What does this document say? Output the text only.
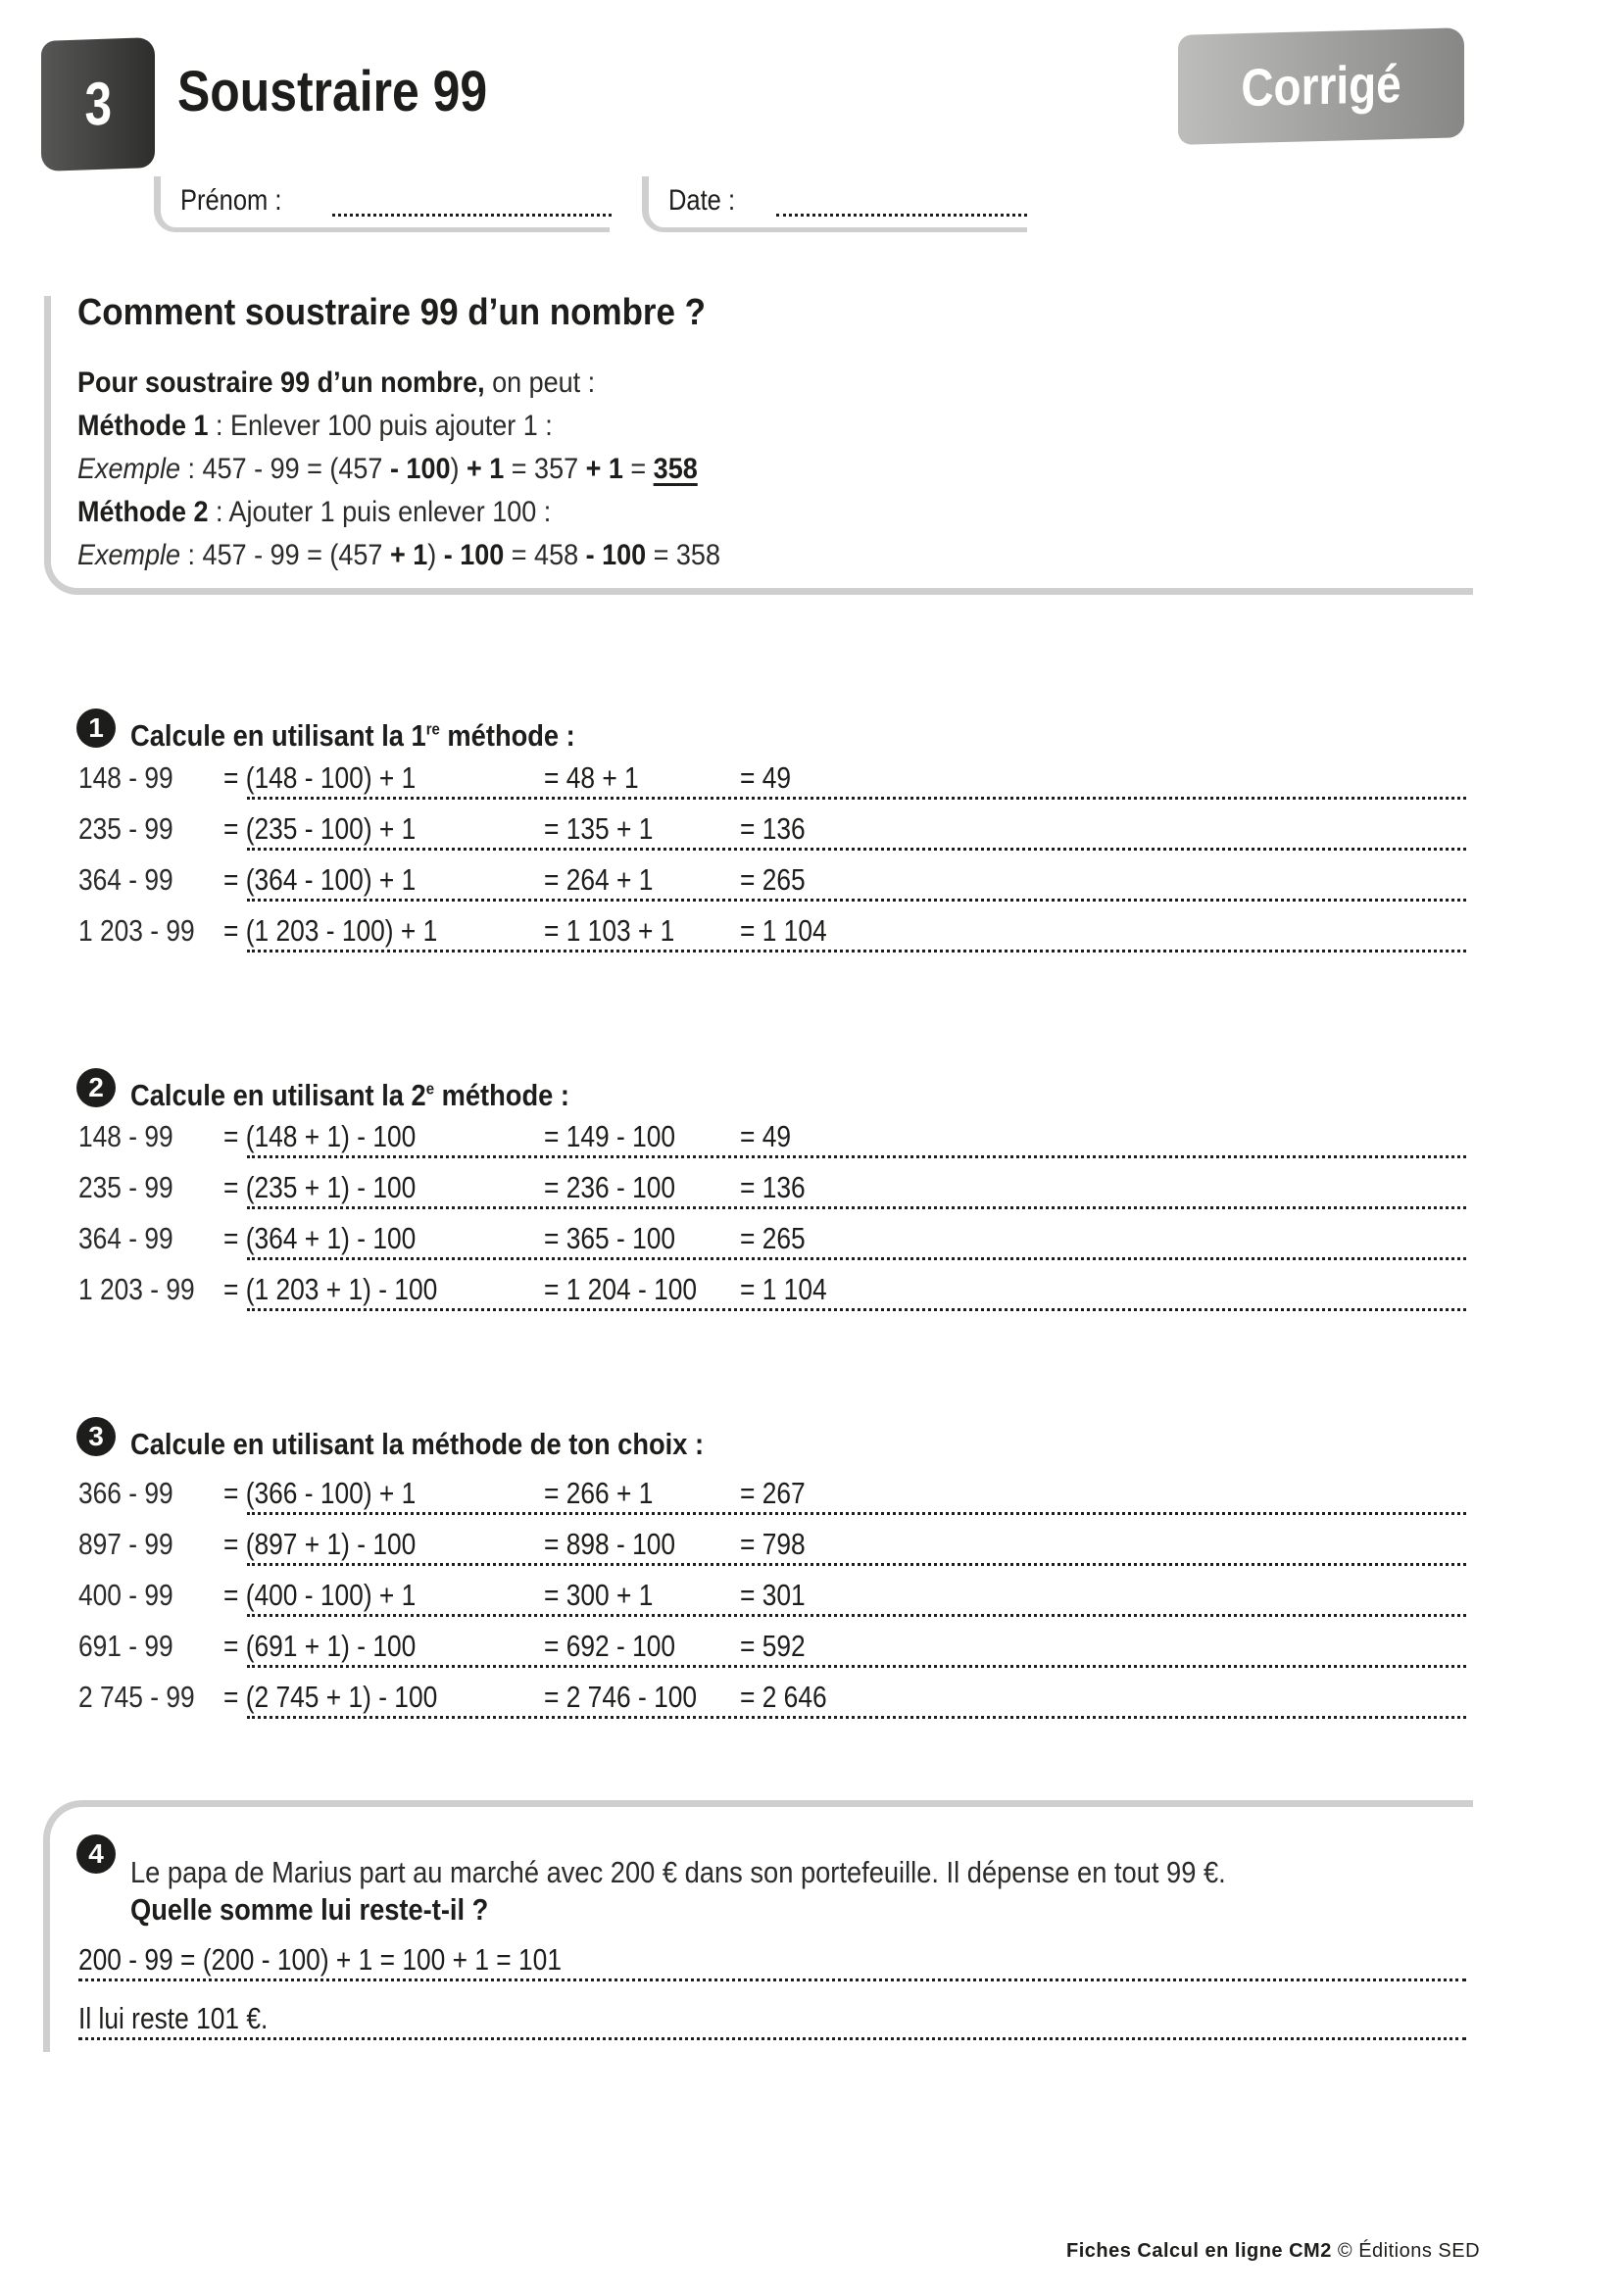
3 Soustraire 99	Corrigé
Prénom :	Date :
Comment soustraire 99 d’un nombre ?
Pour soustraire 99 d’un nombre, on peut :
Méthode 1 : Enlever 100 puis ajouter 1 :
Exemple : 457 - 99 = (457 - 100) + 1 = 357 + 1 = 358
Méthode 2 : Ajouter 1 puis enlever 100 :
Exemple : 457 - 99 = (457 + 1) - 100 = 458 - 100 = 358
1 Calcule en utilisant la 1re méthode :
148 - 99 = (148 - 100) + 1	= 48 + 1	= 49
235 - 99 = (235 - 100) + 1	= 135 + 1	= 136
364 - 99 = (364 - 100) + 1	= 264 + 1	= 265
1 203 - 99 = (1 203 - 100) + 1	= 1 103 + 1 = 1 104
2 Calcule en utilisant la 2e méthode :
148 - 99 = (148 + 1) - 100	= 149 - 100 = 49
235 - 99 = (235 + 1) - 100	= 236 - 100 = 136
364 - 99 = (364 + 1) - 100	= 365 - 100 = 265
1 203 - 99 = (1 203 + 1) - 100	= 1 204 - 100 = 1 104
3 Calcule en utilisant la méthode de ton choix :
366 - 99 = (366 - 100) + 1	= 266 + 1	= 267
897 - 99 = (897 + 1) - 100	= 898 - 100 = 798
400 - 99 = (400 - 100) + 1	= 300 + 1	= 301
691 - 99 = (691 + 1) - 100	= 692 - 100 = 592
2 745 - 99 = (2 745 + 1) - 100	= 2 746 - 100 = 2 646
4
Le papa de Marius part au marché avec 200 € dans son portefeuille. Il dépense en tout 99 €.
Quelle somme lui reste-t-il ?
200 - 99 = (200 - 100) + 1 = 100 + 1 = 101
Il lui reste 101 €.
Fiches Calcul en ligne CM2 © Éditions SED
